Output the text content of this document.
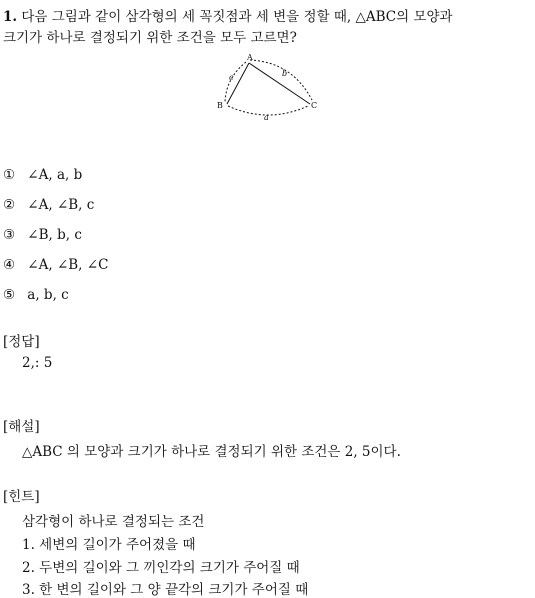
1. 다음 그림과 같이 삼각형의 세 꼭짓점과 세 변을 정할 때, △ABC의 모양과
크기가 하나로 결정되기 위한 조건을 모두 고르면?
A
B	C
b
c
a
① ∠A, a, b
② ∠A, ∠B, c
③ ∠B, b, c
④ ∠A, ∠B, ∠C
⑤ a, b, c
[정답]
2,: 5
[해설]
△ABC 의 모양과 크기가 하나로 결정되기 위한 조건은 2, 5이다.
[힌트]
삼각형이 하나로 결정되는 조건
1. 세변의 길이가 주어졌을 때
2. 두변의 길이와 그 끼인각의 크기가 주어질 때
3. 한 변의 길이와 그 양 끝각의 크기가 주어질 때
